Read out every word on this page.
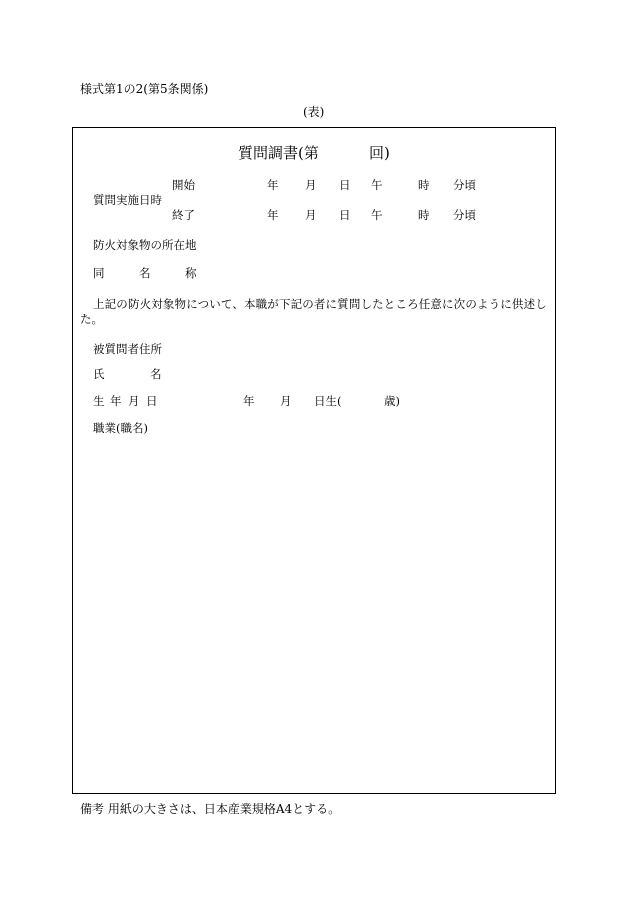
様式第1の2(第5条関係)
(表)
質問調書(第	回)
質問実施日時
開始	年 月 日 午	時 分頃
終了	年 月 日 午	時 分頃
防火対象物の所在地
同	名	称
上記の防火対象物について、本職が下記の者に質問したところ任意に次のように供述し
た。
被質問者住所
氏	名
生 年 月 日	年 月 日生(	歳)
職業(職名)
備考 用紙の大きさは、日本産業規格A4とする。
